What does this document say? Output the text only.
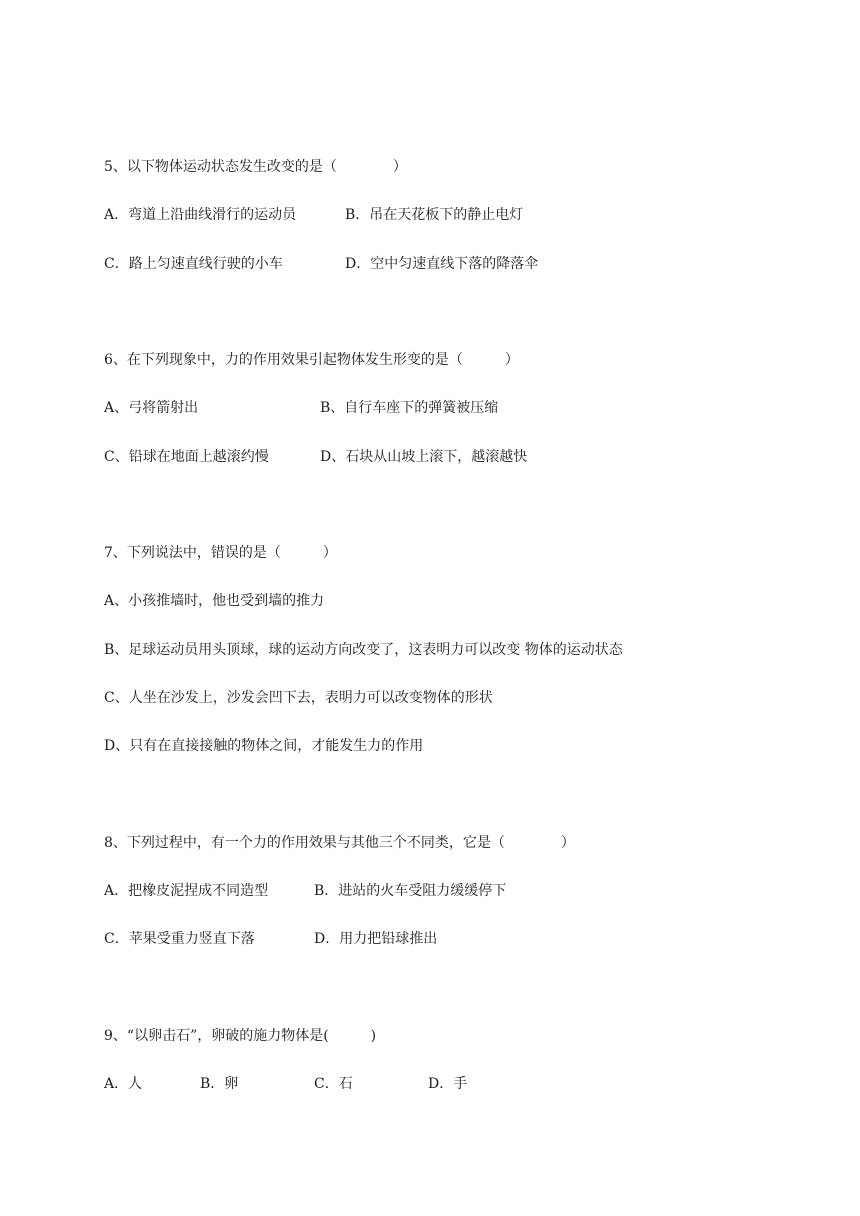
5、以下物体运动状态发生改变的是（　　　　）
A．弯道上沿曲线滑行的运动员	B．吊在天花板下的静止电灯
C．路上匀速直线行驶的小车	D．空中匀速直线下落的降落伞
6、在下列现象中，力的作用效果引起物体发生形变的是（　　　）
A、弓将箭射出	B、自行车座下的弹簧被压缩
C、铅球在地面上越滚约慢	D、石块从山坡上滚下，越滚越快
7、下列说法中，错误的是（　　　）
A、小孩推墙时，他也受到墙的推力
B、足球运动员用头顶球，球的运动方向改变了，这表明力可以改变 物体的运动状态
C、人坐在沙发上，沙发会凹下去，表明力可以改变物体的形状
D、只有在直接接触的物体之间，才能发生力的作用
8、下列过程中，有一个力的作用效果与其他三个不同类，它是（　　　　）
A．把橡皮泥捏成不同造型	B．进站的火车受阻力缓缓停下
C．苹果受重力竖直下落	D．用力把铅球推出
9、“以卵击石”，卵破的施力物体是(　　　)
A．人	B．卵	C．石	D．手
